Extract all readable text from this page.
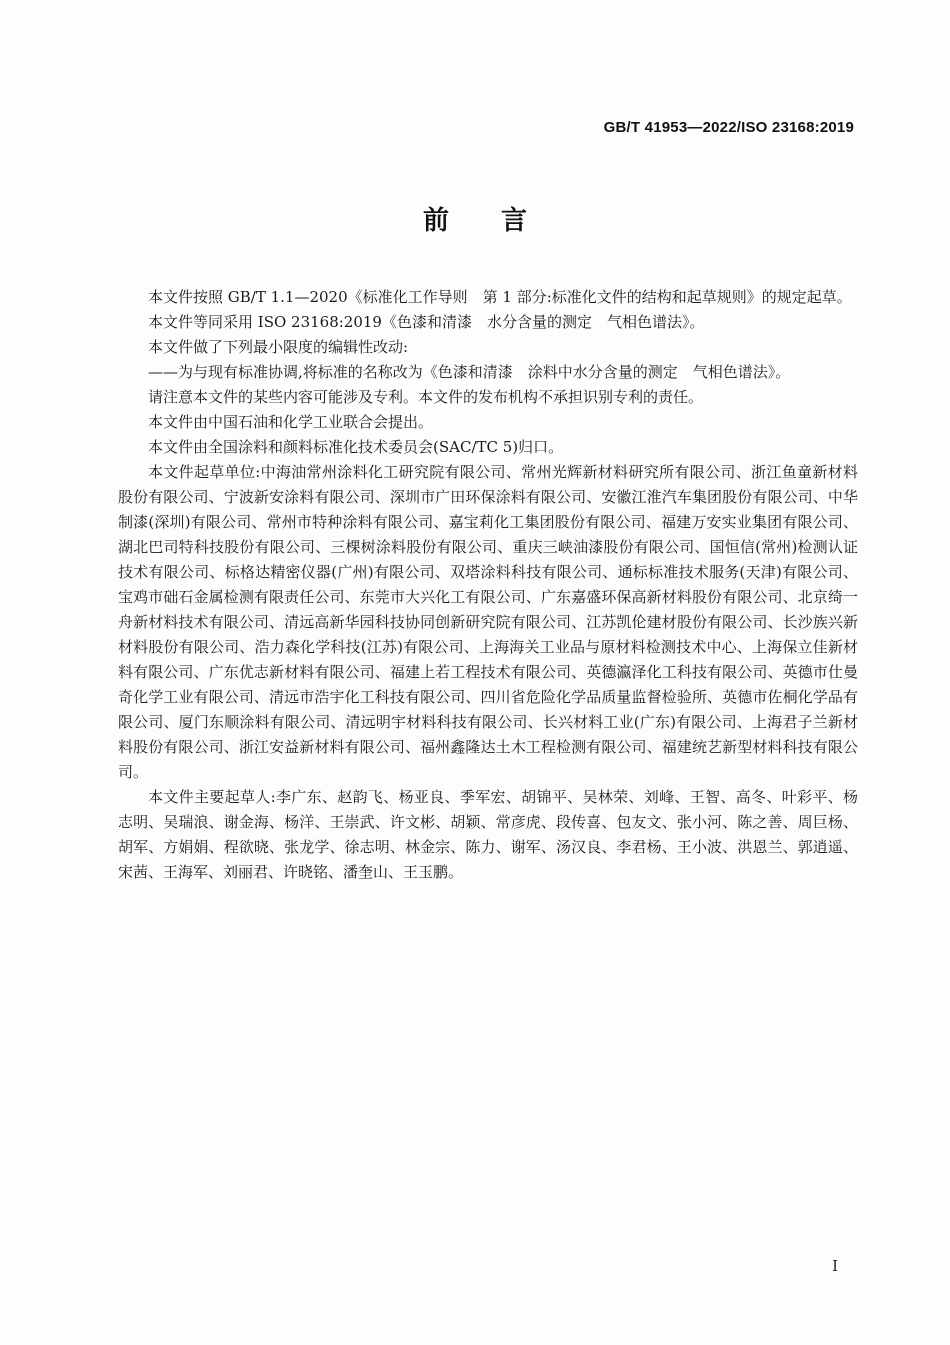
GB/T 41953—2022/ISO 23168:2019
前言

本文件按照 GB/T 1.1—2020《标准化工作导则　第 1 部分:标准化文件的结构和起草规则》的规定起草。

本文件等同采用 ISO 23168:2019《色漆和清漆　水分含量的测定　气相色谱法》。

本文件做了下列最小限度的编辑性改动:

——为与现有标准协调,将标准的名称改为《色漆和清漆　涂料中水分含量的测定　气相色谱法》。

请注意本文件的某些内容可能涉及专利。本文件的发布机构不承担识别专利的责任。

本文件由中国石油和化学工业联合会提出。

本文件由全国涂料和颜料标准化技术委员会(SAC/TC 5)归口。

本文件起草单位:中海油常州涂料化工研究院有限公司、常州光辉新材料研究所有限公司、浙江鱼童新材料股份有限公司、宁波新安涂料有限公司、深圳市广田环保涂料有限公司、安徽江淮汽车集团股份有限公司、中华制漆(深圳)有限公司、常州市特种涂料有限公司、嘉宝莉化工集团股份有限公司、福建万安实业集团有限公司、湖北巴司特科技股份有限公司、三棵树涂料股份有限公司、重庆三峡油漆股份有限公司、国恒信(常州)检测认证技术有限公司、标格达精密仪器(广州)有限公司、双塔涂料科技有限公司、通标标准技术服务(天津)有限公司、宝鸡市础石金属检测有限责任公司、东莞市大兴化工有限公司、广东嘉盛环保高新材料股份有限公司、北京绮一舟新材料技术有限公司、清远高新华园科技协同创新研究院有限公司、江苏凯伦建材股份有限公司、长沙族兴新材料股份有限公司、浩力森化学科技(江苏)有限公司、上海海关工业品与原材料检测技术中心、上海保立佳新材料有限公司、广东优志新材料有限公司、福建上若工程技术有限公司、英德瀛泽化工科技有限公司、英德市仕曼奇化学工业有限公司、清远市浩宇化工科技有限公司、四川省危险化学品质量监督检验所、英德市佐桐化学品有限公司、厦门东顺涂料有限公司、清远明宇材料科技有限公司、长兴材料工业(广东)有限公司、上海君子兰新材料股份有限公司、浙江安益新材料有限公司、福州鑫隆达土木工程检测有限公司、福建统艺新型材料科技有限公司。

本文件主要起草人:李广东、赵韵飞、杨亚良、季军宏、胡锦平、吴林荣、刘峰、王智、高冬、叶彩平、杨志明、吴瑞浪、谢金海、杨洋、王崇武、许文彬、胡颖、常彦虎、段传喜、包友文、张小河、陈之善、周巨杨、胡军、方娟娟、程欲晓、张龙学、徐志明、林金宗、陈力、谢军、汤汉良、李君杨、王小波、洪恩兰、郭逍遥、宋茜、王海军、刘丽君、许晓铭、潘奎山、王玉鹏。

I
